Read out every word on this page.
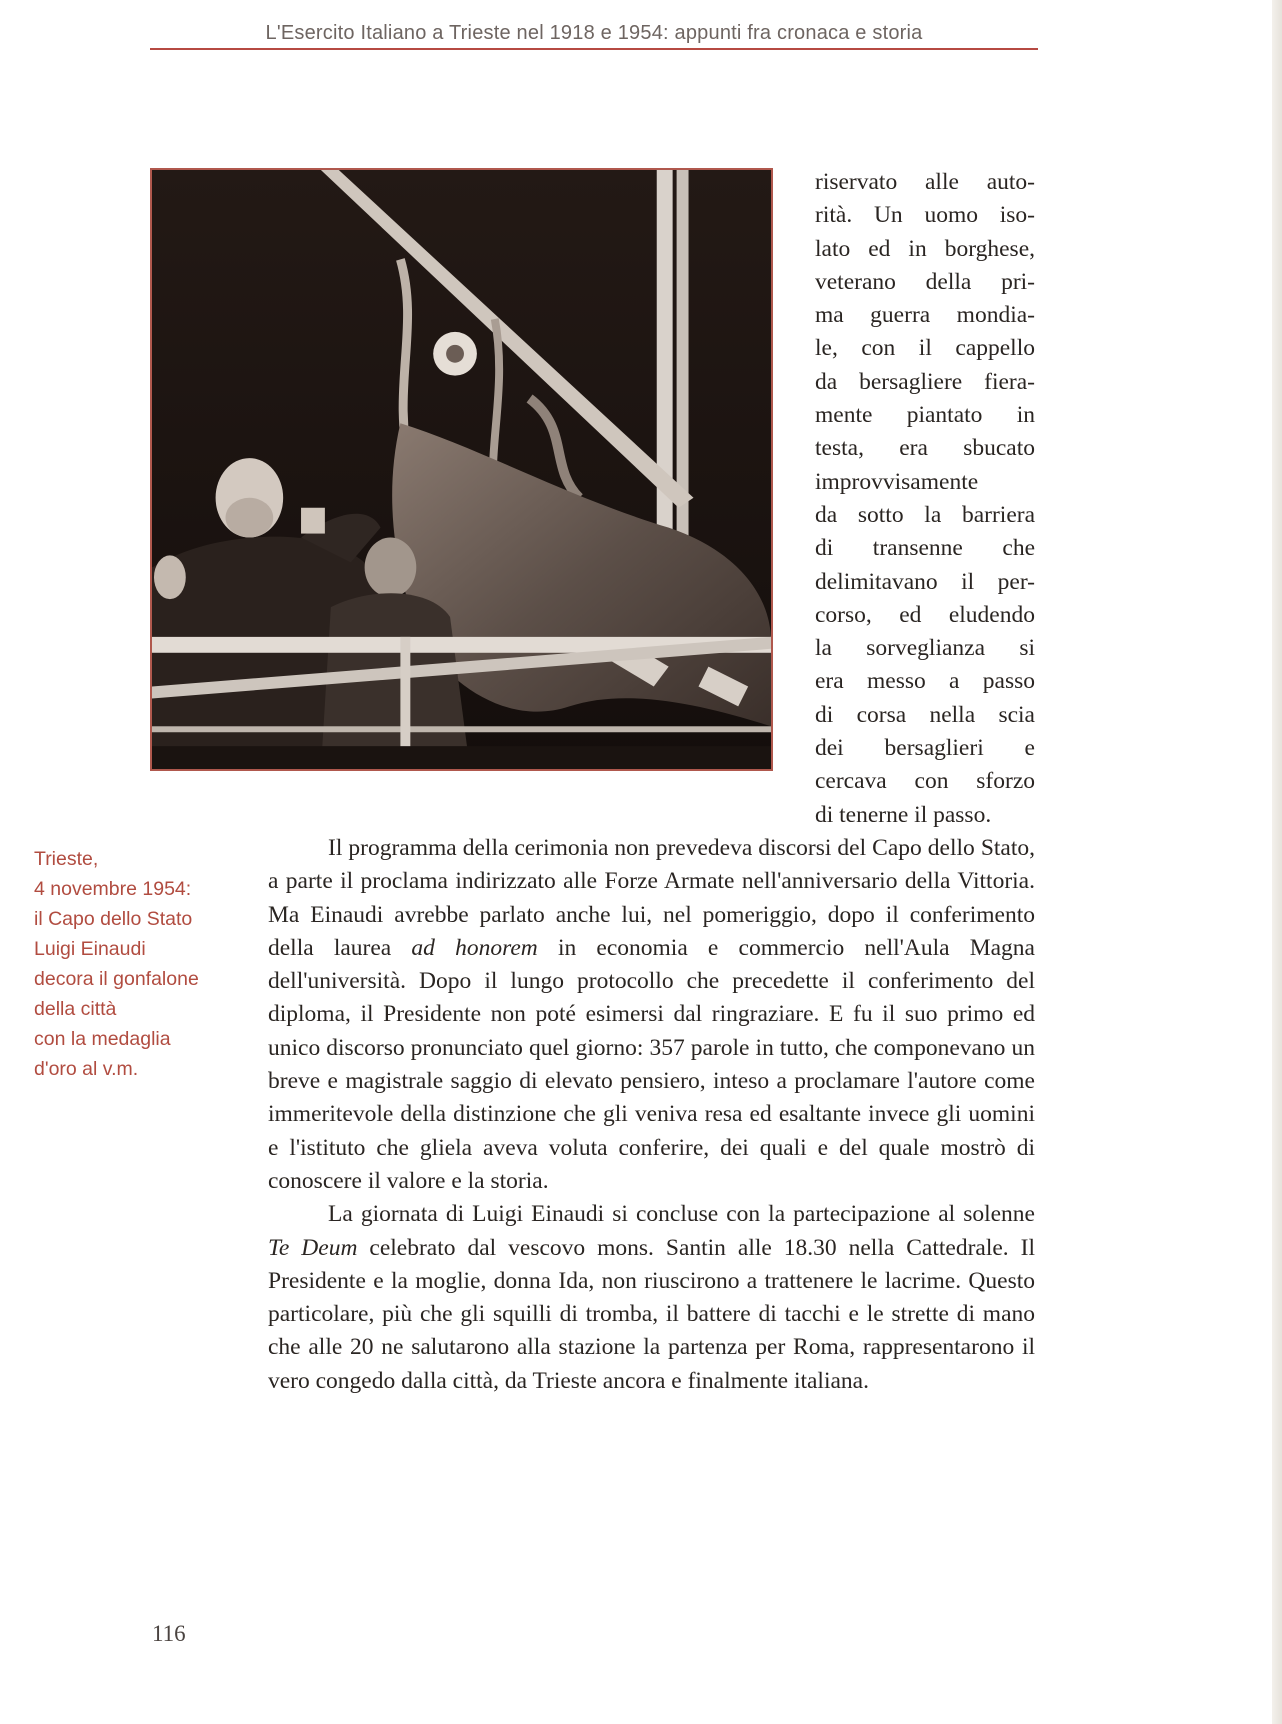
L'Esercito Italiano a Trieste nel 1918 e 1954: appunti fra cronaca e storia
riservato alle auto-
rità. Un uomo iso-
lato ed in borghese,
veterano della pri-
ma guerra mondia-
le, con il cappello
da bersagliere fiera-
mente piantato in
testa, era sbucato
improvvisamente
da sotto la barriera
di transenne che
delimitavano il per-
corso, ed eludendo
la sorveglianza si
era messo a passo
di corsa nella scia
dei bersaglieri e
cercava con sforzo
di tenerne il passo.

Il programma della cerimonia non prevedeva discorsi del Capo dello Stato, a parte il proclama indirizzato alle Forze Armate nell'anniversario della Vittoria. Ma Einaudi avrebbe parlato anche lui, nel pomeriggio, dopo il conferimento della laurea ad honorem in economia e commercio nell'Aula Magna dell'università. Dopo il lungo protocollo che precedette il conferimento del diploma, il Presidente non poté esimersi dal ringraziare. E fu il suo primo ed unico discorso pronunciato quel giorno: 357 parole in tutto, che componevano un breve e magistrale saggio di elevato pensiero, inteso a proclamare l'autore come immeritevole della distinzione che gli veniva resa ed esaltante invece gli uomini e l'istituto che gliela aveva voluta conferire, dei quali e del quale mostrò di conoscere il valore e la storia.

La giornata di Luigi Einaudi si concluse con la partecipazione al solenne Te Deum celebrato dal vescovo mons. Santin alle 18.30 nella Cattedrale. Il Presidente e la moglie, donna Ida, non riuscirono a trattenere le lacrime. Questo particolare, più che gli squilli di tromba, il battere di tacchi e le strette di mano che alle 20 ne salutarono alla stazione la partenza per Roma, rappresentarono il vero congedo dalla città, da Trieste ancora e finalmente italiana.

Trieste,
4 novembre 1954:
il Capo dello Stato
Luigi Einaudi
decora il gonfalone
della città
con la medaglia
d'oro al v.m.
116
